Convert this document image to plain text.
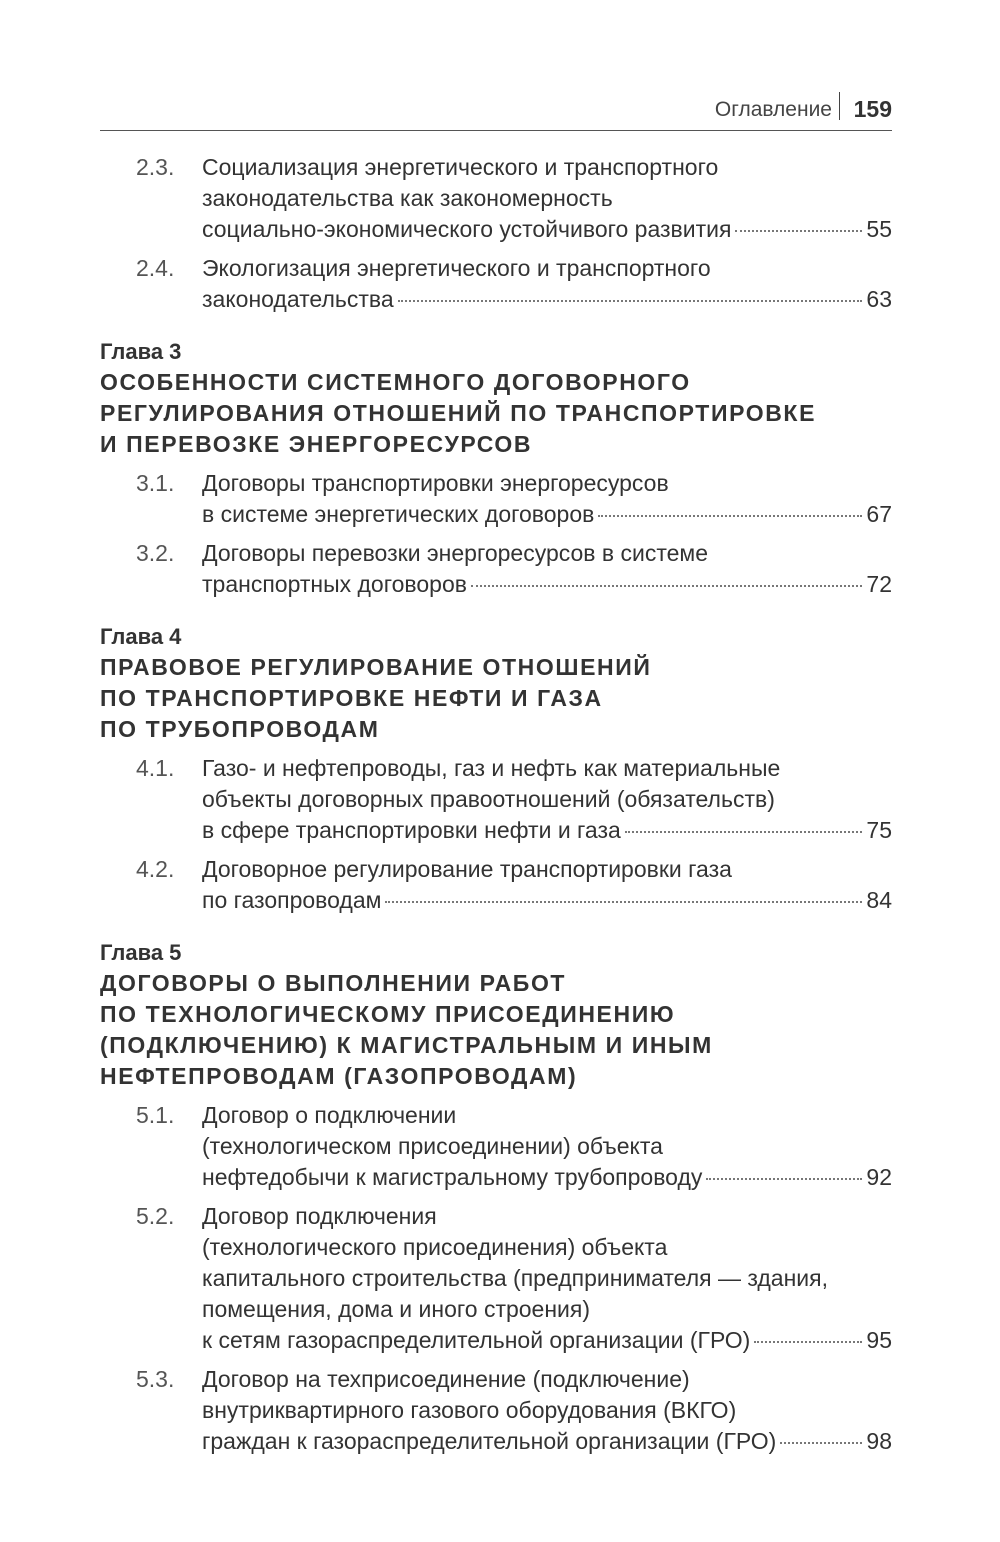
Оглавление 159
2.3. Социализация энергетического и транспортного
законодательства как закономерность
социально-экономического устойчивого развития	55
2.4. Экологизация энергетического и транспортного
законодательства	63
Глава 3
ОСОБЕННОСТИ СИСТЕМНОГО ДОГОВОРНОГО
РЕГУЛИРОВАНИЯ ОТНОШЕНИЙ ПО ТРАНСПОРТИРОВКЕ
И ПЕРЕВОЗКЕ ЭНЕРГОРЕСУРСОВ
3.1. Договоры транспортировки энергоресурсов
в системе энергетических договоров	67
3.2. Договоры перевозки энергоресурсов в системе
транспортных договоров	72
Глава 4
ПРАВОВОЕ РЕГУЛИРОВАНИЕ ОТНОШЕНИЙ
ПО ТРАНСПОРТИРОВКЕ НЕФТИ И ГАЗА
ПО ТРУБОПРОВОДАМ
4.1. Газо- и нефтепроводы, газ и нефть как материальные
объекты договорных правоотношений (обязательств)
в сфере транспортировки нефти и газа	75
4.2. Договорное регулирование транспортировки газа
по газопроводам	84
Глава 5
ДОГОВОРЫ О ВЫПОЛНЕНИИ РАБОТ
ПО ТЕХНОЛОГИЧЕСКОМУ ПРИСОЕДИНЕНИЮ
(ПОДКЛЮЧЕНИЮ) К МАГИСТРАЛЬНЫМ И ИНЫМ
НЕФТЕПРОВОДАМ (ГАЗОПРОВОДАМ)
5.1. Договор о подключении
(технологическом присоединении) объекта
нефтедобычи к магистральному трубопроводу	92
5.2. Договор подключения
(технологического присоединения) объекта
капитального строительства (предпринимателя — здания,
помещения, дома и иного строения)
к сетям газораспределительной организации (ГРО)	95
5.3. Договор на техприсоединение (подключение)
внутриквартирного газового оборудования (ВКГО)
граждан к газораспределительной организации (ГРО)	98
